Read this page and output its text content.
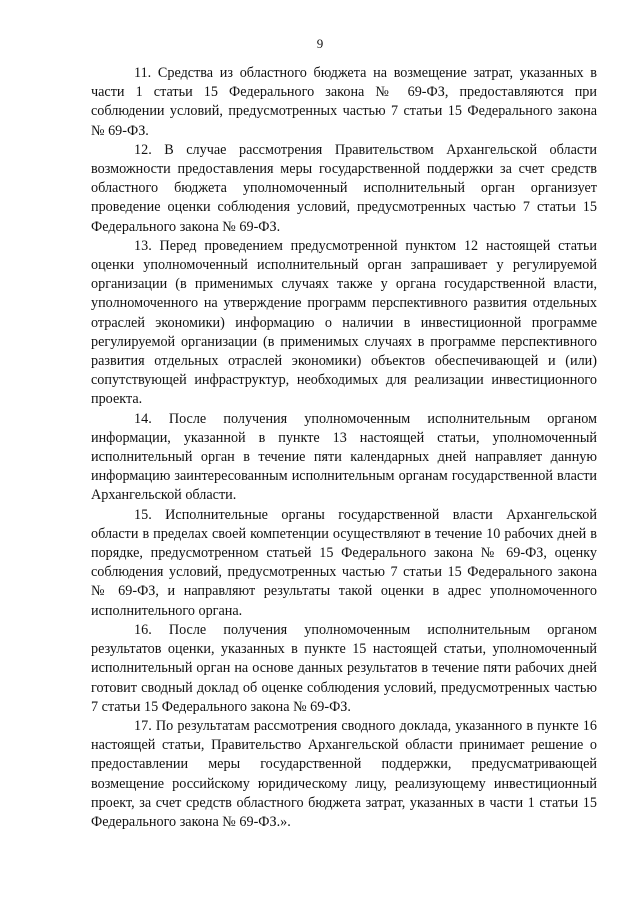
9

11. Средства из областного бюджета на возмещение затрат, указанных в части 1 статьи 15 Федерального закона № 69-ФЗ, предоставляются при соблюдении условий, предусмотренных частью 7 статьи 15 Федерального закона № 69-ФЗ.

12. В случае рассмотрения Правительством Архангельской области возможности предоставления меры государственной поддержки за счет средств областного бюджета уполномоченный исполнительный орган организует проведение оценки соблюдения условий, предусмотренных частью 7 статьи 15 Федерального закона № 69-ФЗ.

13. Перед проведением предусмотренной пунктом 12 настоящей статьи оценки уполномоченный исполнительный орган запрашивает у регулируемой организации (в применимых случаях также у органа государственной власти, уполномоченного на утверждение программ перспективного развития отдельных отраслей экономики) информацию о наличии в инвестиционной программе регулируемой организации (в применимых случаях в программе перспективного развития отдельных отраслей экономики) объектов обеспечивающей и (или) сопутствующей инфраструктур, необходимых для реализации инвестиционного проекта.

14. После получения уполномоченным исполнительным органом информации, указанной в пункте 13 настоящей статьи, уполномоченный исполнительный орган в течение пяти календарных дней направляет данную информацию заинтересованным исполнительным органам государственной власти Архангельской области.

15. Исполнительные органы государственной власти Архангельской области в пределах своей компетенции осуществляют в течение 10 рабочих дней в порядке, предусмотренном статьей 15 Федерального закона № 69-ФЗ, оценку соблюдения условий, предусмотренных частью 7 статьи 15 Федерального закона № 69-ФЗ, и направляют результаты такой оценки в адрес уполномоченного исполнительного органа.

16. После получения уполномоченным исполнительным органом результатов оценки, указанных в пункте 15 настоящей статьи, уполномоченный исполнительный орган на основе данных результатов в течение пяти рабочих дней готовит сводный доклад об оценке соблюдения условий, предусмотренных частью 7 статьи 15 Федерального закона № 69-ФЗ.

17. По результатам рассмотрения сводного доклада, указанного в пункте 16 настоящей статьи, Правительство Архангельской области принимает решение о предоставлении меры государственной поддержки, предусматривающей возмещение российскому юридическому лицу, реализующему инвестиционный проект, за счет средств областного бюджета затрат, указанных в части 1 статьи 15 Федерального закона № 69-ФЗ.».
